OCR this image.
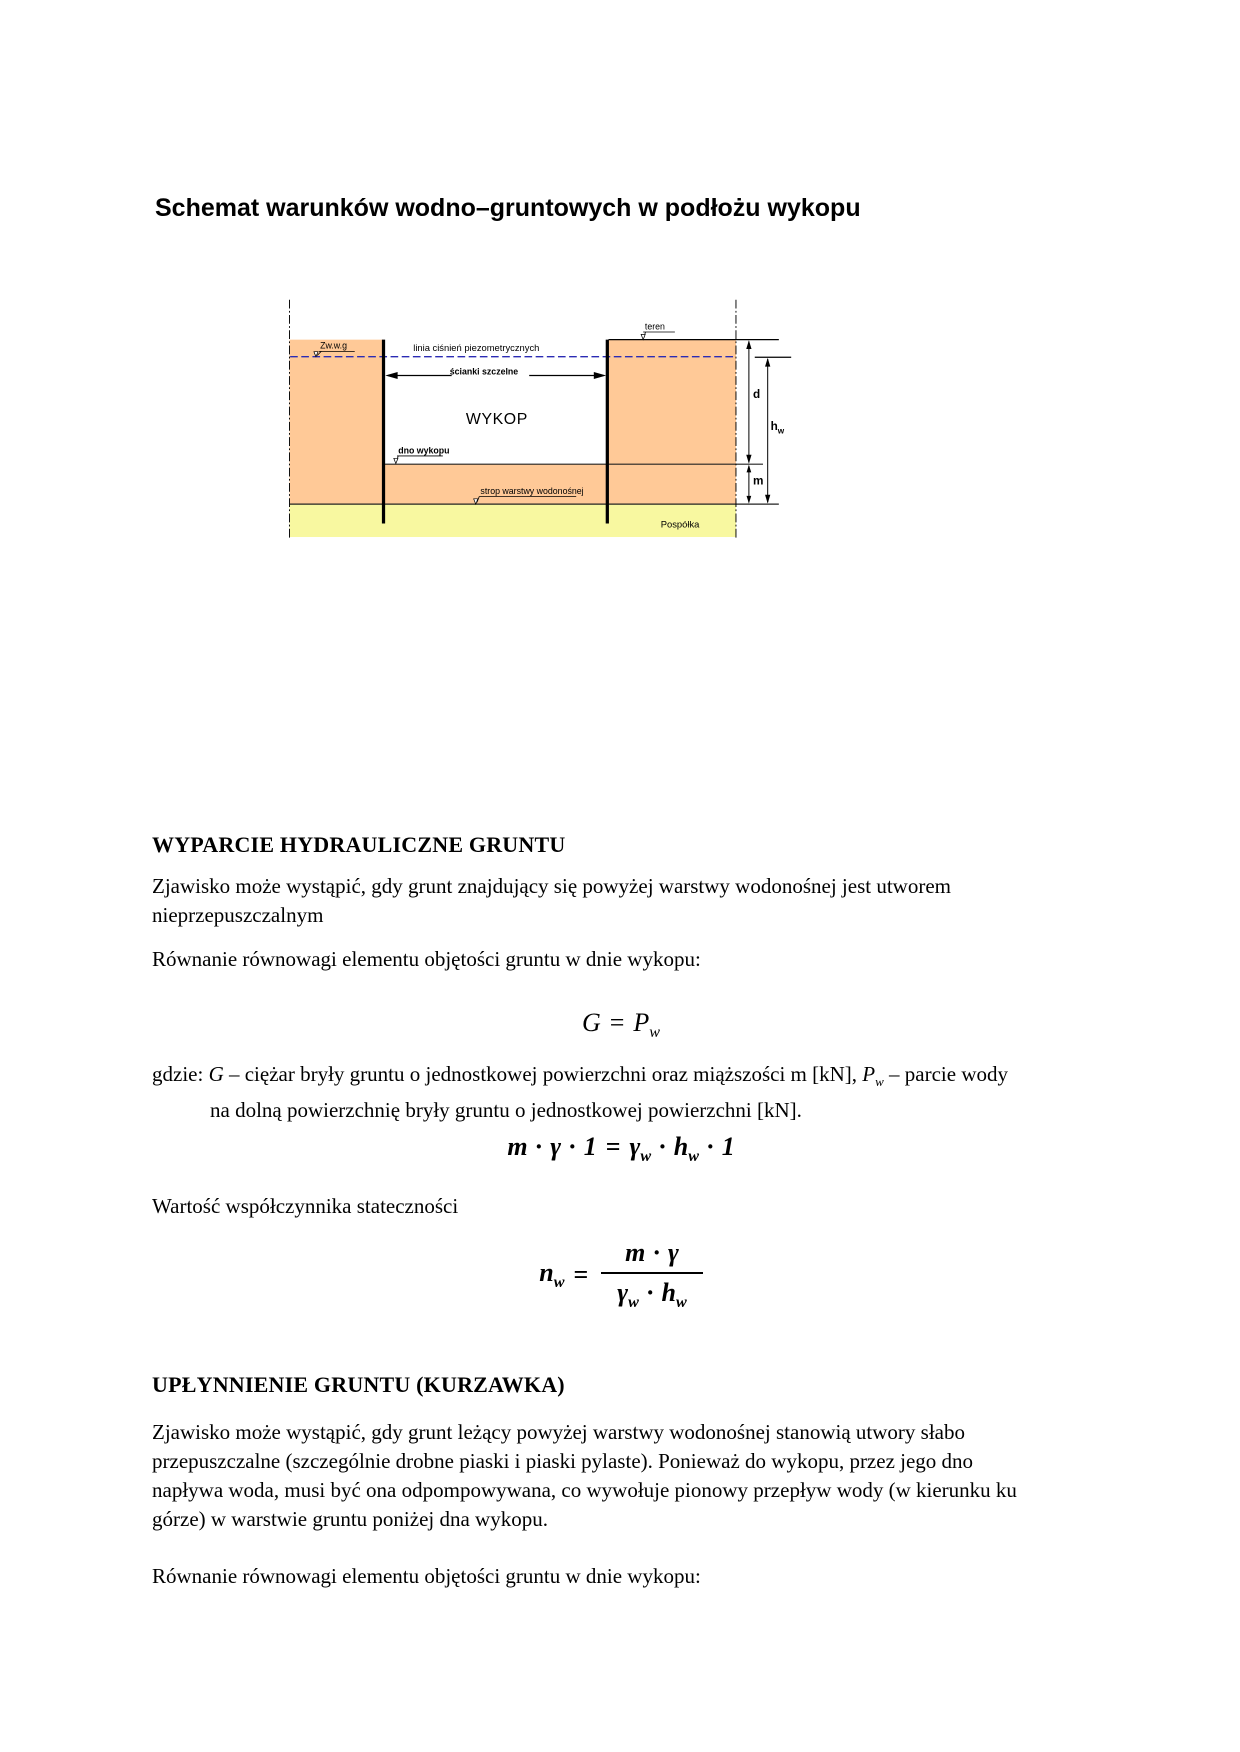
Schemat warunków wodno–gruntowych w podłożu wykopu
Zw.w.g	linia ciśnień piezometrycznych
ścianki szczelne
WYKOP
dno wykopu
strop warstwy wodonośnej
Pospółka
teren
d
$h_w$
m
WYPARCIE HYDRAULICZNE GRUNTU
Zjawisko może wystąpić, gdy grunt znajdujący się powyżej warstwy wodonośnej jest utworem
nieprzepuszczalnym
Równanie równowagi elementu objętości gruntu w dnie wykopu:
$G = P_w$
gdzie: G – ciężar bryły gruntu o jednostkowej powierzchni oraz miąższości m [kN], $P_w$ – parcie wody
na dolną powierzchnię bryły gruntu o jednostkowej powierzchni [kN].
$m \cdot \gamma \cdot 1 = \gamma_w \cdot h_w \cdot 1$
Wartość współczynnika stateczności
$n_w = \frac{m \cdot \gamma}{\gamma_w \cdot h_w}$
UPŁYNNIENIE GRUNTU (KURZAWKA)
Zjawisko może wystąpić, gdy grunt leżący powyżej warstwy wodonośnej stanowią utwory słabo
przepuszczalne (szczególnie drobne piaski i piaski pylaste). Ponieważ do wykopu, przez jego dno
napływa woda, musi być ona odpompowywana, co wywołuje pionowy przepływ wody (w kierunku ku
górze) w warstwie gruntu poniżej dna wykopu.
Równanie równowagi elementu objętości gruntu w dnie wykopu:
